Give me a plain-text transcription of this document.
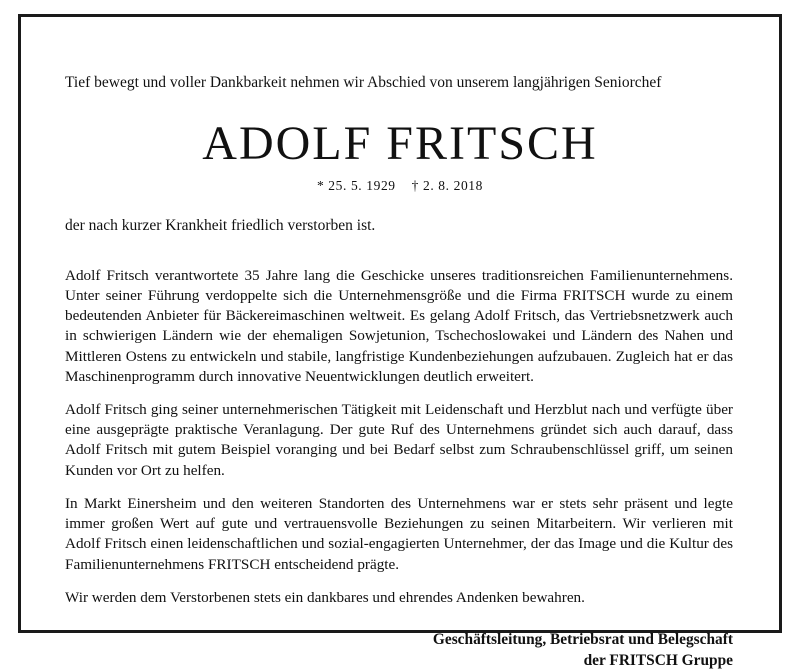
Tief bewegt und voller Dankbarkeit nehmen wir Abschied von unserem langjährigen Seniorchef

ADOLF FRITSCH
* 25. 5. 1929 † 2. 8. 2018

der nach kurzer Krankheit friedlich verstorben ist.

Adolf Fritsch verantwortete 35 Jahre lang die Geschicke unseres traditionsreichen Familienunternehmens. Unter seiner Führung verdoppelte sich die Unternehmensgröße und die Firma FRITSCH wurde zu einem bedeutenden Anbieter für Bäckereimaschinen weltweit. Es gelang Adolf Fritsch, das Vertriebsnetzwerk auch in schwierigen Ländern wie der ehemaligen Sowjetunion, Tschechoslowakei und Ländern des Nahen und Mittleren Ostens zu entwickeln und stabile, langfristige Kundenbeziehungen aufzubauen. Zugleich hat er das Maschinenprogramm durch innovative Neuentwicklungen deutlich erweitert.

Adolf Fritsch ging seiner unternehmerischen Tätigkeit mit Leidenschaft und Herzblut nach und verfügte über eine ausgeprägte praktische Veranlagung. Der gute Ruf des Unternehmens gründet sich auch darauf, dass Adolf Fritsch mit gutem Beispiel voranging und bei Bedarf selbst zum Schraubenschlüssel griff, um seinen Kunden vor Ort zu helfen.

In Markt Einersheim und den weiteren Standorten des Unternehmens war er stets sehr präsent und legte immer großen Wert auf gute und vertrauensvolle Beziehungen zu seinen Mitarbeitern. Wir verlieren mit Adolf Fritsch einen leidenschaftlichen und sozial-engagierten Unternehmer, der das Image und die Kultur des Familienunternehmens FRITSCH entscheidend prägte.

Wir werden dem Verstorbenen stets ein dankbares und ehrendes Andenken bewahren.

Geschäftsleitung, Betriebsrat und Belegschaft
der FRITSCH Gruppe
